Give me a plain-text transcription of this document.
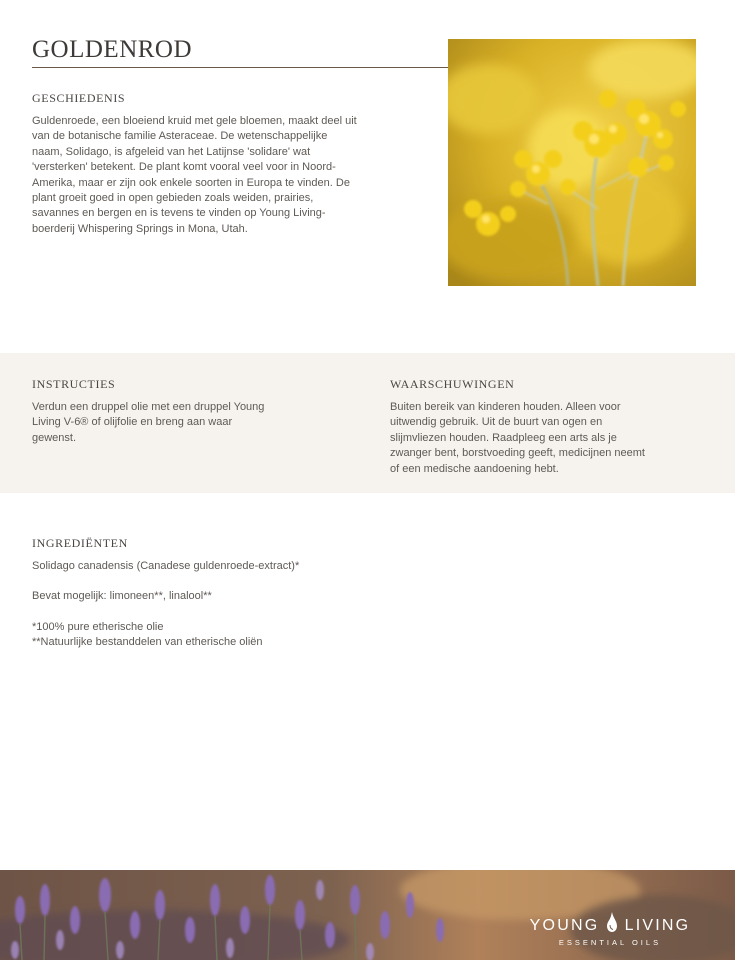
GOLDENROD
GESCHIEDENIS

Guldenroede, een bloeiend kruid met gele bloemen, maakt deel uit van de botanische familie Asteraceae. De wetenschappelijke naam, Solidago, is afgeleid van het Latijnse 'solidare' wat 'versterken' betekent. De plant komt vooral veel voor in Noord-Amerika, maar er zijn ook enkele soorten in Europa te vinden. De plant groeit goed in open gebieden zoals weiden, prairies, savannes en bergen en is tevens te vinden op Young Living-boerderij Whispering Springs in Mona, Utah.

INSTRUCTIES

Verdun een druppel olie met een druppel Young Living V-6® of olijfolie en breng aan waar gewenst.

WAARSCHUWINGEN

Buiten bereik van kinderen houden. Alleen voor uitwendig gebruik. Uit de buurt van ogen en slijmvliezen houden. Raadpleeg een arts als je zwanger bent, borstvoeding geeft, medicijnen neemt of een medische aandoening hebt.

INGREDIËNTEN

Solidago canadensis (Canadese guldenroede-extract)*

Bevat mogelijk: limoneen**, linalool**

*100% pure etherische olie

**Natuurlijke bestanddelen van etherische oliën

YOUNG LIVING
ESSENTIAL OILS
